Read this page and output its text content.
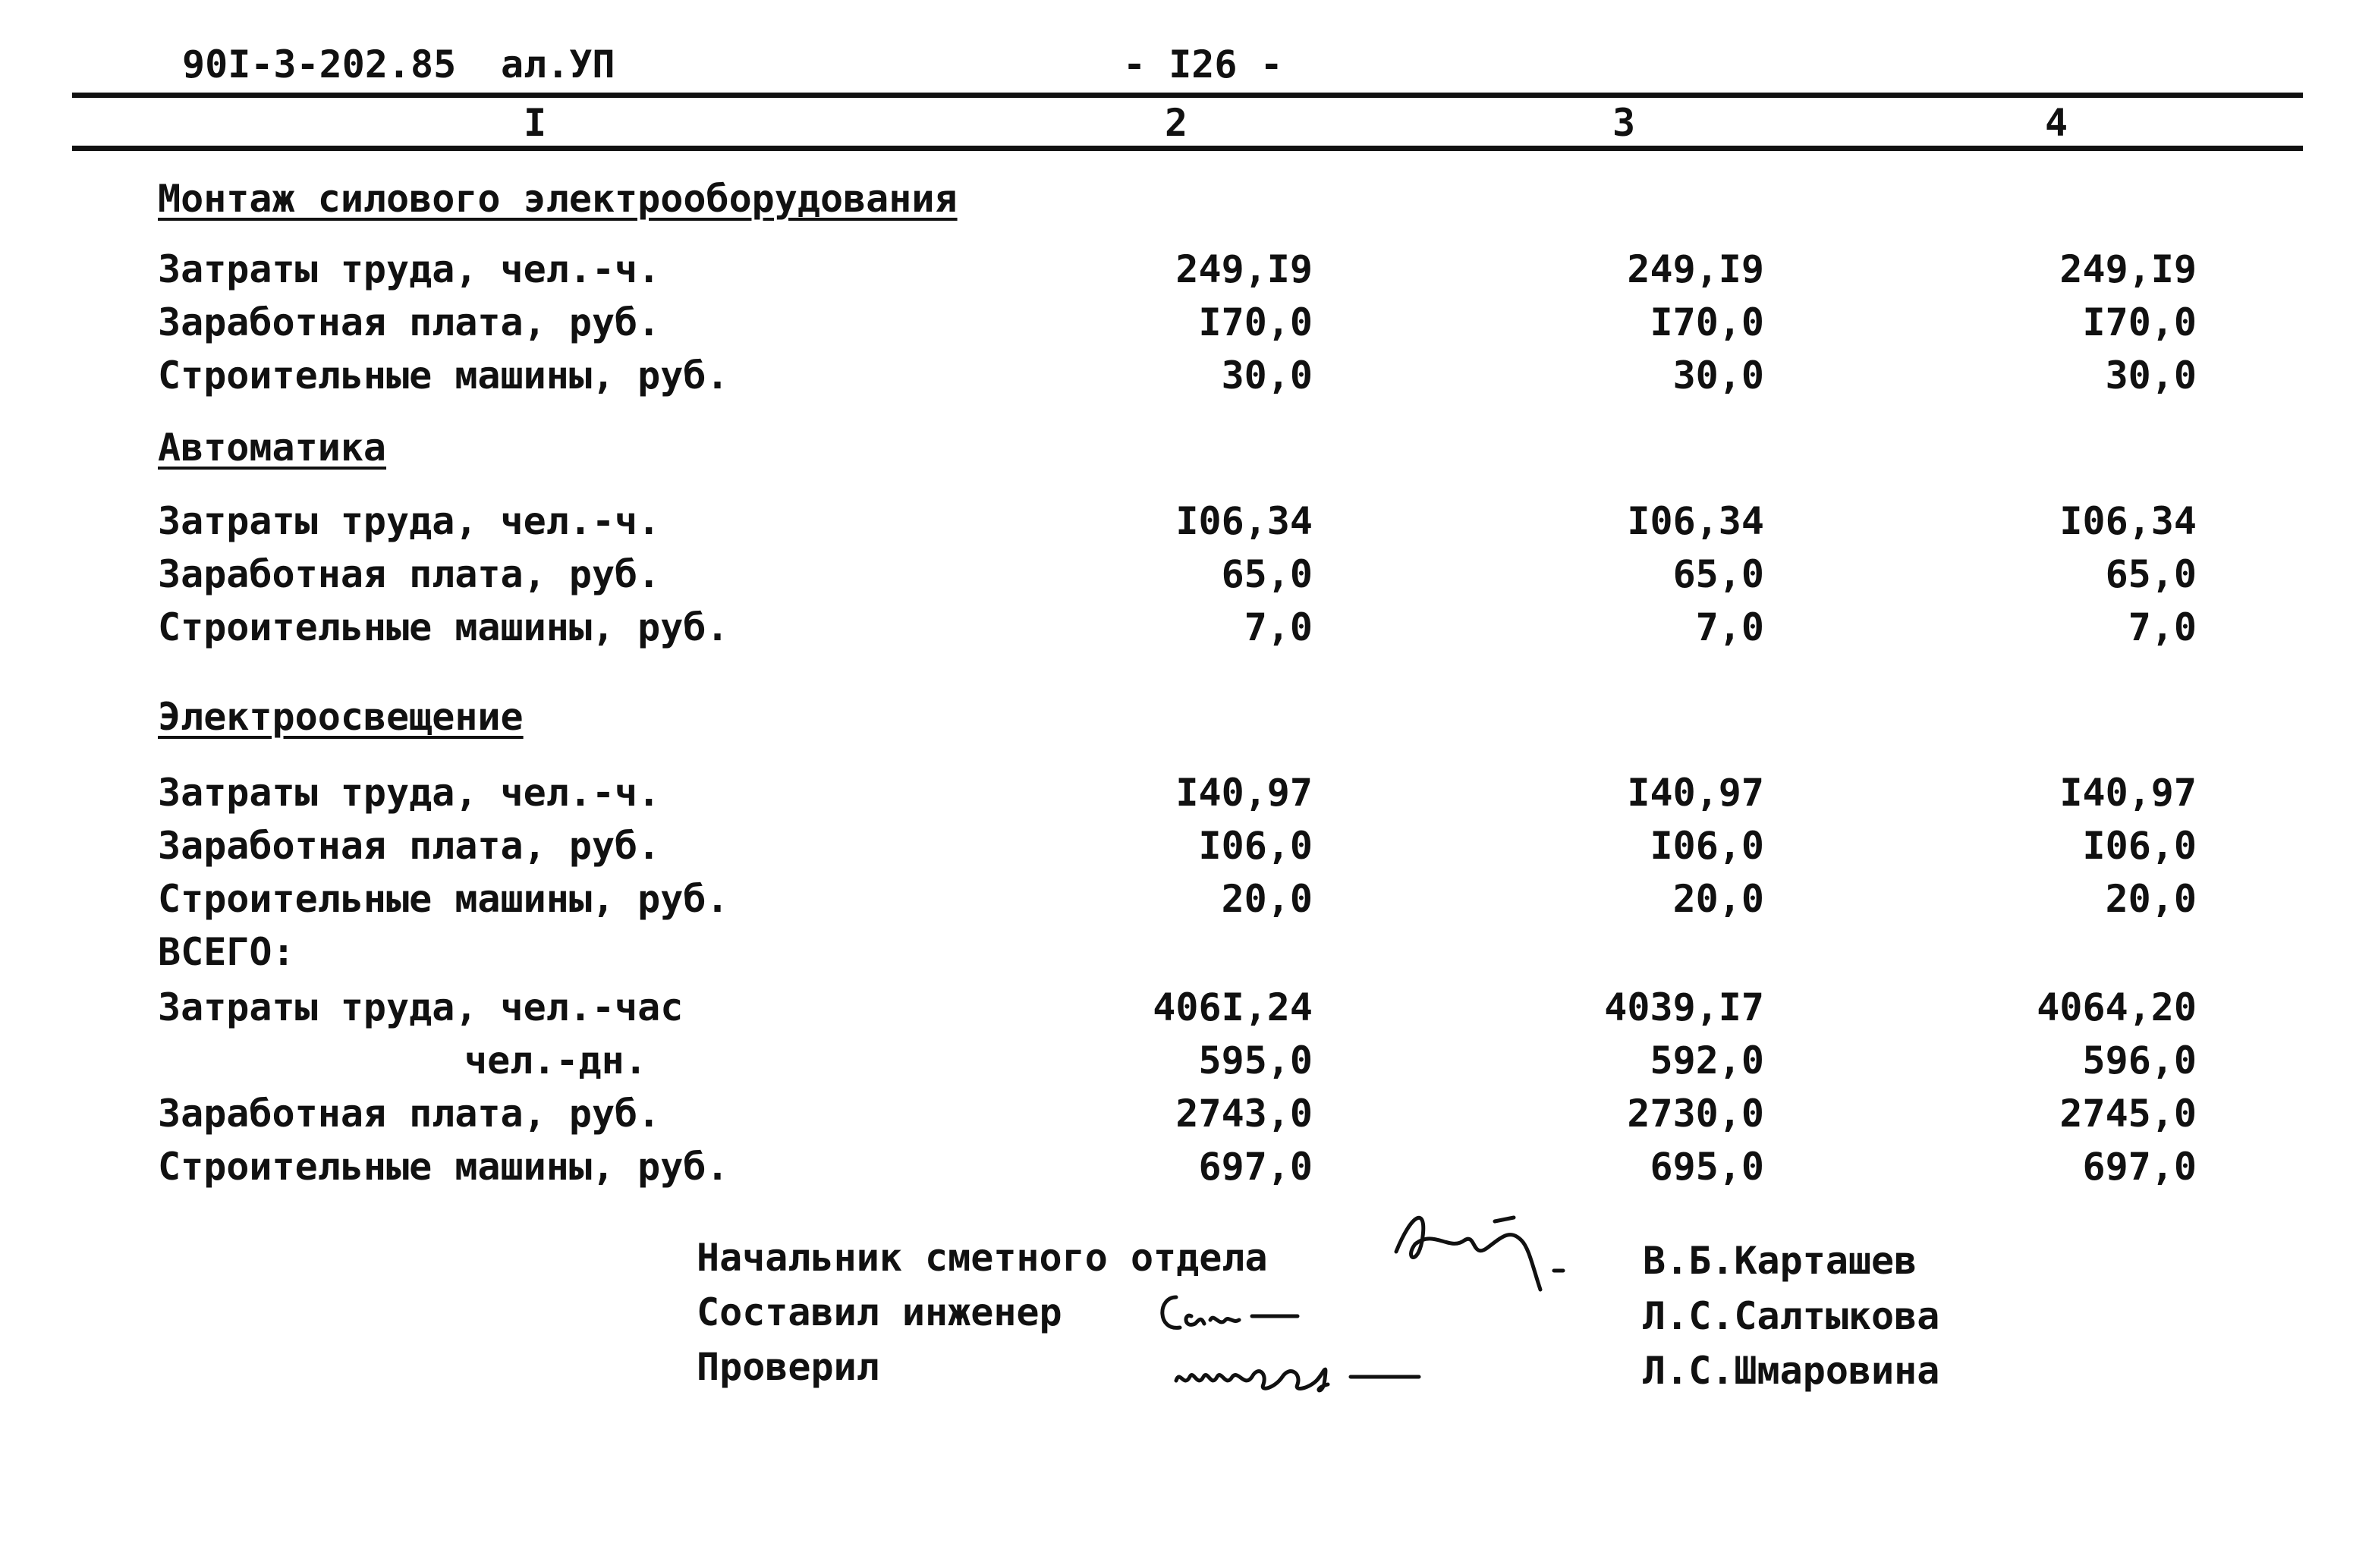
90I-3-202.85 ал.УП	- I26 -
I	2	3	4
Монтаж силового электрооборудования
Затраты труда, чел.-ч.	249,I9	249,I9	249,I9
Заработная плата, руб.	I70,0	I70,0	I70,0
Строительные машины, руб.	30,0	30,0	30,0
Автоматика
Затраты труда, чел.-ч.	I06,34	I06,34	I06,34
Заработная плата, руб.	65,0	65,0	65,0
Строительные машины, руб.	7,0	7,0	7,0
Электроосвещение
Затраты труда, чел.-ч.	I40,97	I40,97	I40,97
Заработная плата, руб.	I06,0	I06,0	I06,0
Строительные машины, руб.	20,0	20,0	20,0
ВСЕГО:
Затраты труда, чел.-час	406I,24	4039,I7	4064,20
чел.-дн.	595,0	592,0	596,0
Заработная плата, руб.	2743,0	2730,0	2745,0
Строительные машины, руб.	697,0	695,0	697,0
Начальник сметного отдела	В.Б.Карташев
Составил инженер	Л.С.Салтыкова
Проверил	Л.С.Шмаровина
